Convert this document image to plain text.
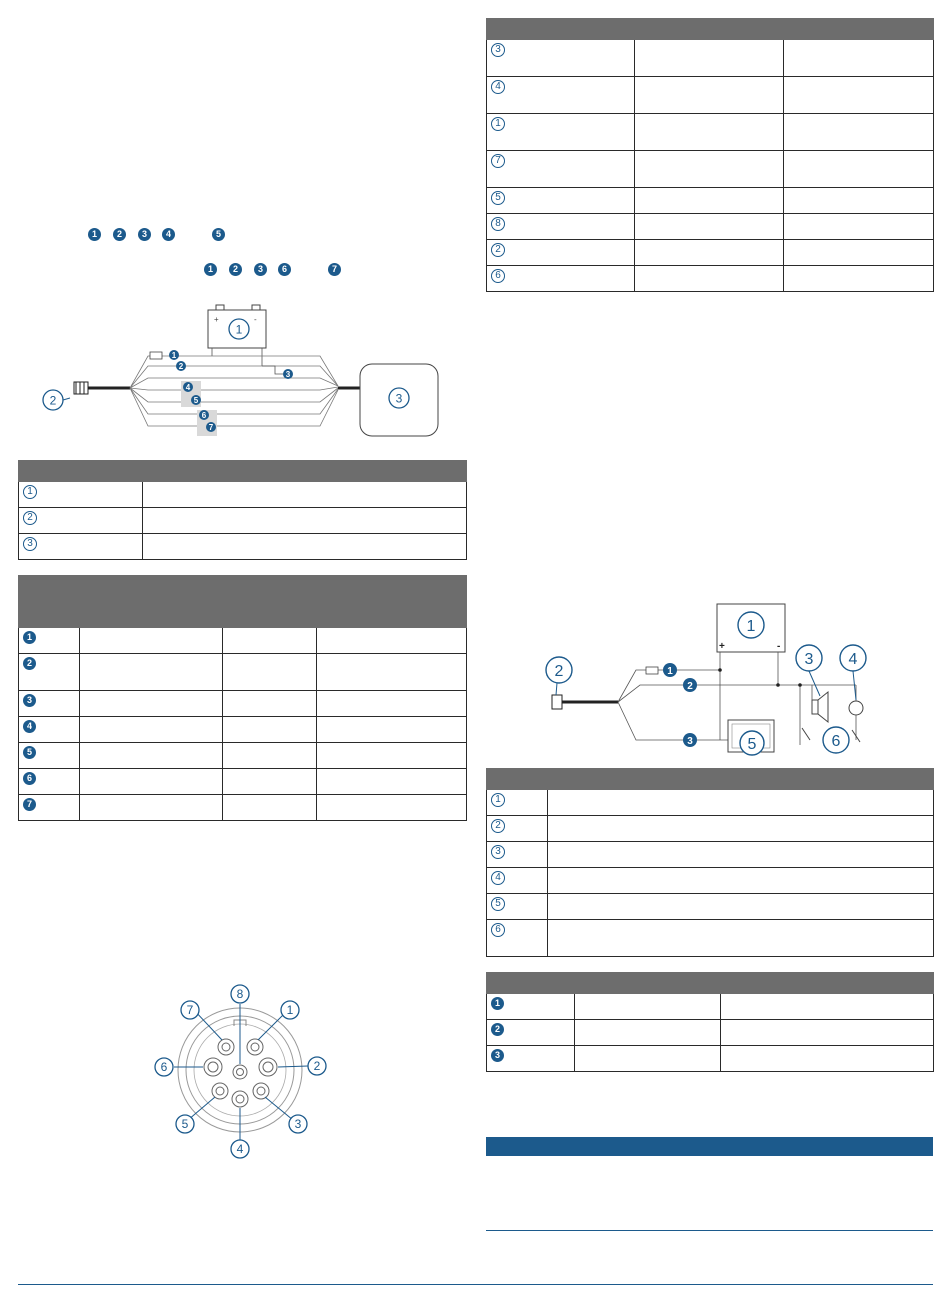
1	2	3	4	5
1	2	3	6	7
+	-
1
2	3
1
2
3
4
5
6
7

1	
2	
3	

1			
2			
3			
4			
5			
6			
7			
1
2
3
4
5
6
7
8

3		
4		
1		
7		
5		
8		
2		
6		
1
+	-
5
3 4
6
2	1
2
3

1	
2	
3	
4	
5	
6	

1		
2		
3		
